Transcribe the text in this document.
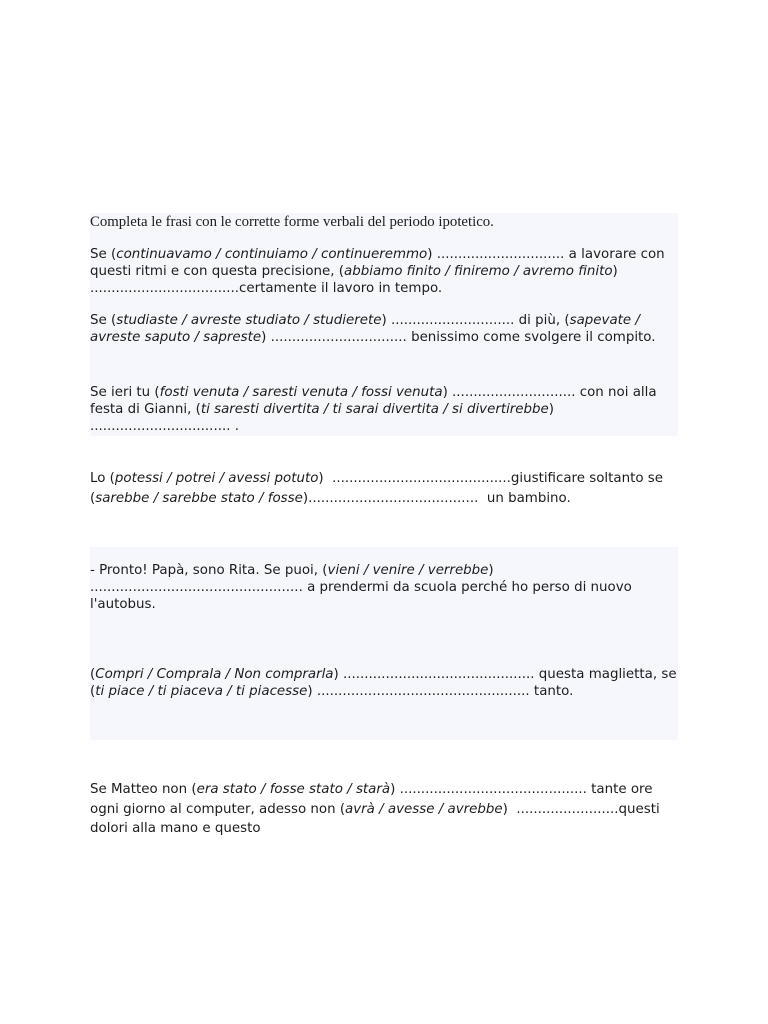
Completa le frasi con le corrette forme verbali del periodo ipotetico.

Se (continuavamo / continuiamo / continueremmo) .............................. a lavorare con questi ritmi e con questa precisione, (abbiamo finito / finiremo / avremo finito)  ...................................certamente il lavoro in tempo.

Se (studiaste / avreste studiato / studierete) ............................. di più, (sapevate / avreste saputo / sapreste) ................................ benissimo come svolgere il compito.

Se ieri tu (fosti venuta / saresti venuta / fossi venuta) ............................. con noi alla festa di Gianni, (ti saresti divertita / ti sarai divertita / si divertirebbe) ................................. .

Lo (potessi / potrei / avessi potuto)  ..........................................giustificare soltanto se (sarebbe / sarebbe stato / fosse)........................................  un bambino.

- Pronto! Papà, sono Rita. Se puoi, (vieni / venire / verrebbe) .................................................. a prendermi da scuola perché ho perso di nuovo l'autobus.

(Compri / Comprala / Non comprarla) ............................................. questa maglietta, se (ti piace / ti piaceva / ti piacesse) .................................................. tanto.

Se Matteo non (era stato / fosse stato / starà) ............................................ tante ore ogni giorno al computer, adesso non (avrà / avesse / avrebbe)  ........................questi dolori alla mano e questo
